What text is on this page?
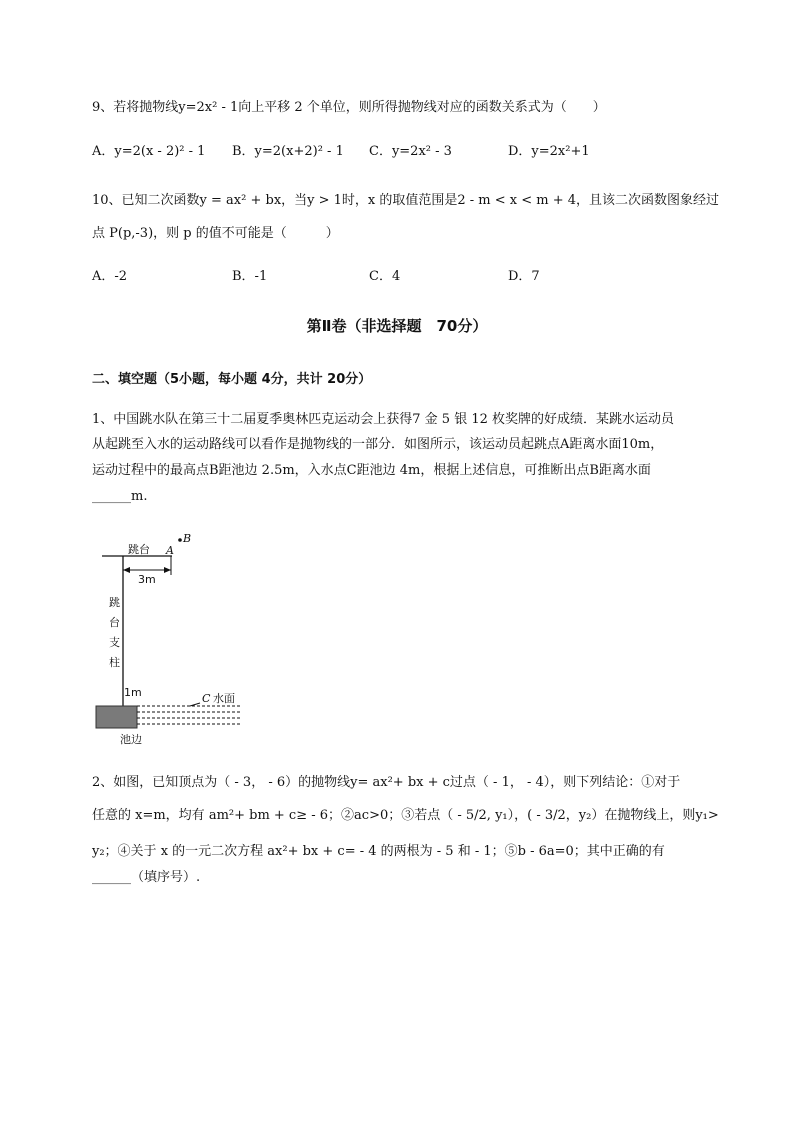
9、若将抛物线y=2x² - 1向上平移 2 个单位，则所得抛物线对应的函数关系式为（　　）
A．y=2(x - 2)² - 1 B．y=2(x+2)² - 1 C．y=2x² - 3	D．y=2x²+1
10、已知二次函数y = ax² + bx，当y > 1时，x 的取值范围是2 - m < x < m + 4，且该二次函数图象经过
点 P(p,-3)，则 p 的值不可能是（　　　）
A．-2	B．-1	C．4	D．7
第Ⅱ卷（非选择题　70分）
二、填空题（5小题，每小题 4分，共计 20分）
1、中国跳水队在第三十二届夏季奥林匹克运动会上获得7 金 5 银 12 枚奖牌的好成绩．某跳水运动员
从起跳至入水的运动路线可以看作是抛物线的一部分．如图所示，该运动员起跳点A距离水面10m，
运动过程中的最高点B距池边 2.5m，入水点C距池边 4m，根据上述信息，可推断出点B距离水面
______m.
跳台 A
B
3m
跳
台
支
柱
1m	C 水面
池边
2、如图，已知顶点为（ - 3， - 6）的抛物线y= ax²+ bx + c过点（ - 1， - 4），则下列结论：①对于
任意的 x=m，均有 am²+ bm + c≥ - 6；②ac>0；③若点（ - 5/2, y₁），( - 3/2，y₂）在抛物线上，则y₁>
y₂；④关于 x 的一元二次方程 ax²+ bx + c= - 4 的两根为 - 5 和 - 1；⑤b - 6a=0；其中正确的有
______（填序号）.
